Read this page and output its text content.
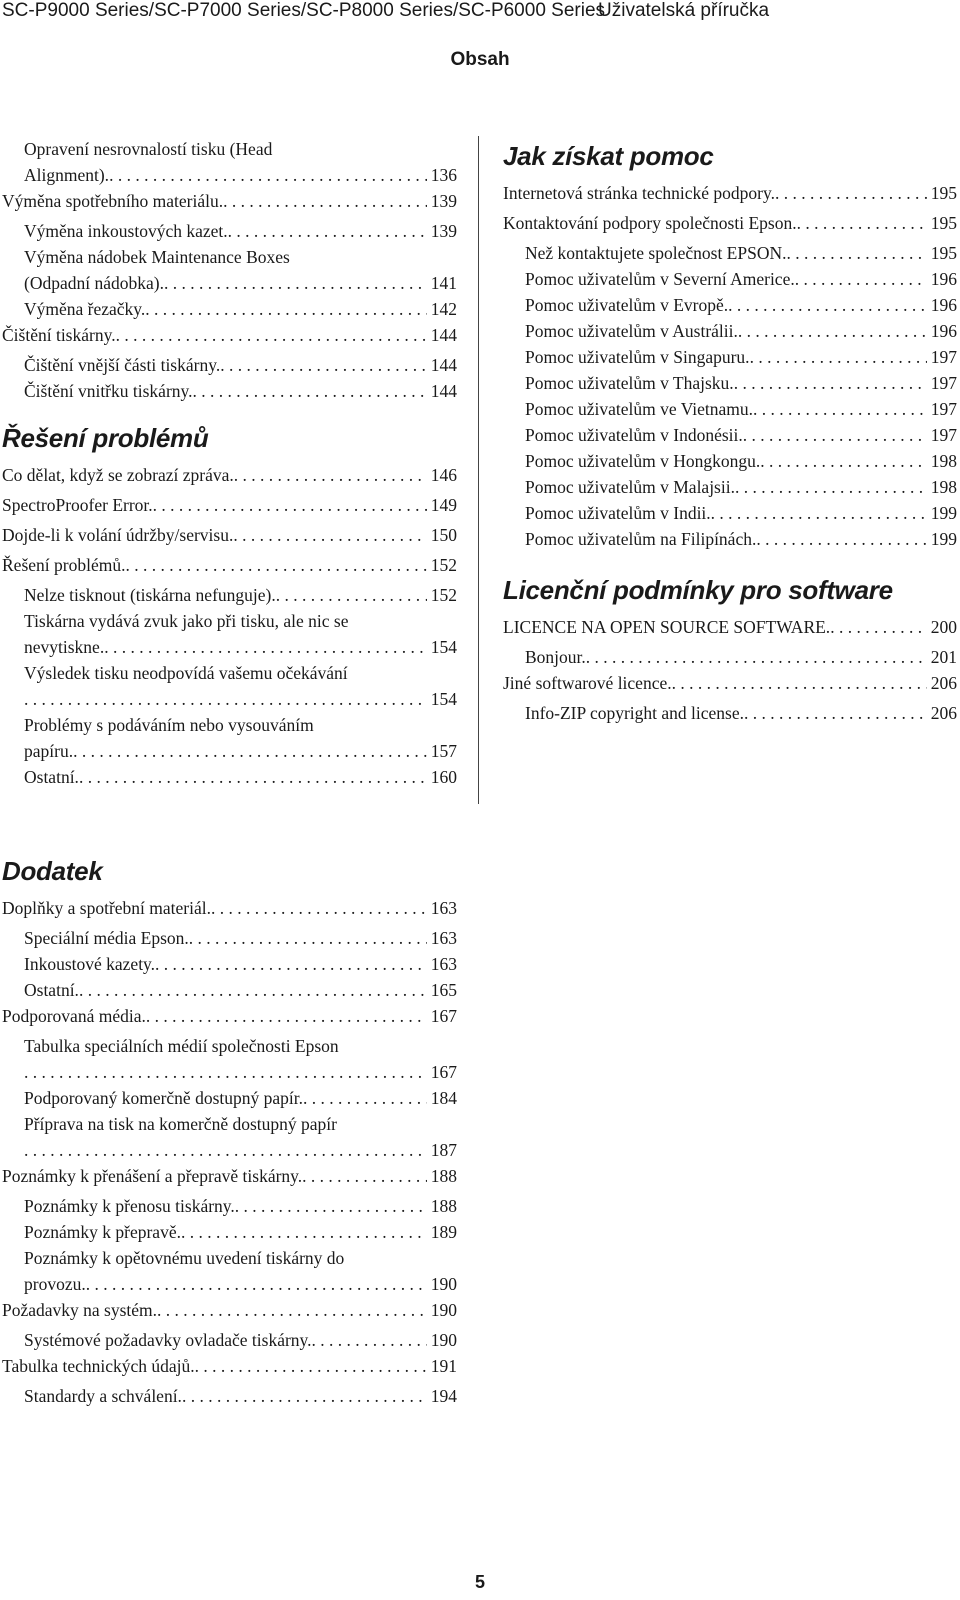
SC-P9000 Series/SC-P7000 Series/SC-P8000 Series/SC-P6000 Series
Uživatelská příručka
Obsah
Opravení nesrovnalostí tisku (Head
Alignment). . . .	136
Výměna spotřebního materiálu. . . .	139
Výměna inkoustových kazet. . . .	139
Výměna nádobek Maintenance Boxes
(Odpadní nádobka). . . .	141
Výměna řezačky. . . .	142
Čištění tiskárny. . . .	144
Čištění vnější části tiskárny. . . .	144
Čištění vnitřku tiskárny. . . .	144
Řešení problémů
Co dělat, když se zobrazí zpráva. . . .	146
SpectroProofer Error. . . .	149
Dojde-li k volání údržby/servisu. . . .	150
Řešení problémů. . . .	152
Nelze tisknout (tiskárna nefunguje). . . .	152
Tiskárna vydává zvuk jako při tisku, ale nic se
nevytiskne. . . .	154
Výsledek tisku neodpovídá vašemu očekávání
. . .
154
Problémy s podáváním nebo vysouváním
papíru. . . .	157
Ostatní. . . .	160
Jak získat pomoc
Internetová stránka technické podpory. . . .	195
Kontaktování podpory společnosti Epson. . . .	195
Než kontaktujete společnost EPSON. . . .	195
Pomoc uživatelům v Severní Americe. . . .	196
Pomoc uživatelům v Evropě. . . .	196
Pomoc uživatelům v Austrálii. . . .	196
Pomoc uživatelům v Singapuru. . . .	197
Pomoc uživatelům v Thajsku. . . .	197
Pomoc uživatelům ve Vietnamu. . . .	197
Pomoc uživatelům v Indonésii. . . .	197
Pomoc uživatelům v Hongkongu. . . .	198
Pomoc uživatelům v Malajsii. . . .	198
Pomoc uživatelům v Indii. . . .	199
Pomoc uživatelům na Filipínách. . . .	199
Licenční podmínky pro software
LICENCE NA OPEN SOURCE SOFTWARE. . . .	200
Bonjour. . . .	201
Jiné softwarové licence. . . .	206
Info-ZIP copyright and license. . . .	206
Dodatek
Doplňky a spotřební materiál. . . .	163
Speciální média Epson. . . .	163
Inkoustové kazety. . . .	163
Ostatní. . . .	165
Podporovaná média. . . .	167
Tabulka speciálních médií společnosti Epson
. . .
167
Podporovaný komerčně dostupný papír. . . .	184
Příprava na tisk na komerčně dostupný papír
. . .
187
Poznámky k přenášení a přepravě tiskárny. . . .	188
Poznámky k přenosu tiskárny. . . .	188
Poznámky k přepravě. . . .	189
Poznámky k opětovnému uvedení tiskárny do
provozu. . . .	190
Požadavky na systém. . . .	190
Systémové požadavky ovladače tiskárny. . . .	190
Tabulka technických údajů. . . .	191
Standardy a schválení. . . .	194
5
